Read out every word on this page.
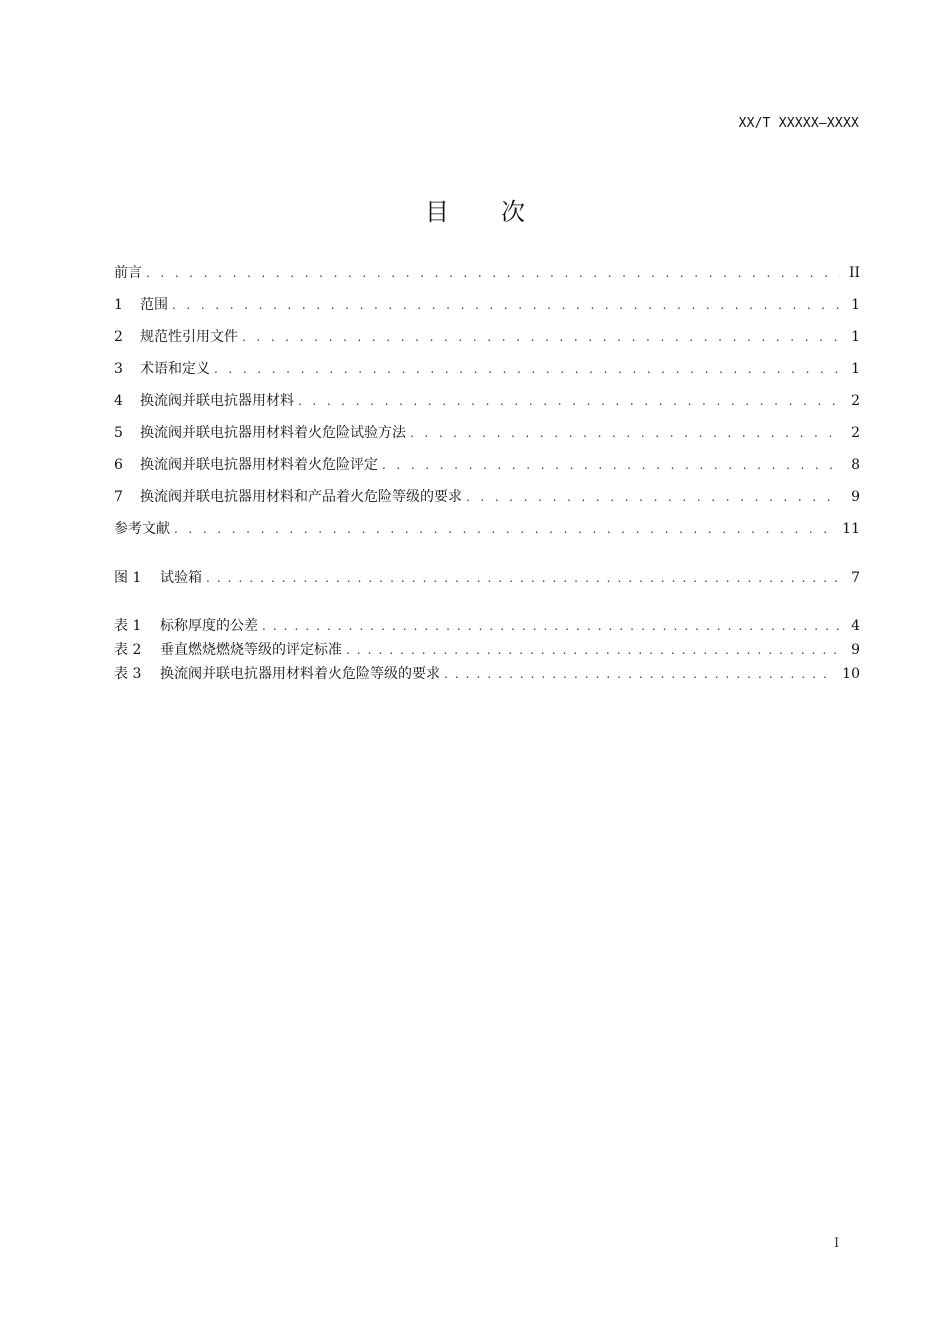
XX/T XXXXX—XXXX
目 次
前言 . . .	II
1	范围 . . .	1
2	规范性引用文件 . . .	1
3	术语和定义 . . .	1
4	换流阀并联电抗器用材料 . . .	2
5	换流阀并联电抗器用材料着火危险试验方法 . . .	2
6	换流阀并联电抗器用材料着火危险评定 . . .	8
7	换流阀并联电抗器用材料和产品着火危险等级的要求 . . .	9
参考文献 . . .	11
图 1	试验箱 . . .	7
表 1	标称厚度的公差 . . .	4
表 2	垂直燃烧燃烧等级的评定标准 . . .	9
表 3	换流阀并联电抗器用材料着火危险等级的要求 . . .	10
I
